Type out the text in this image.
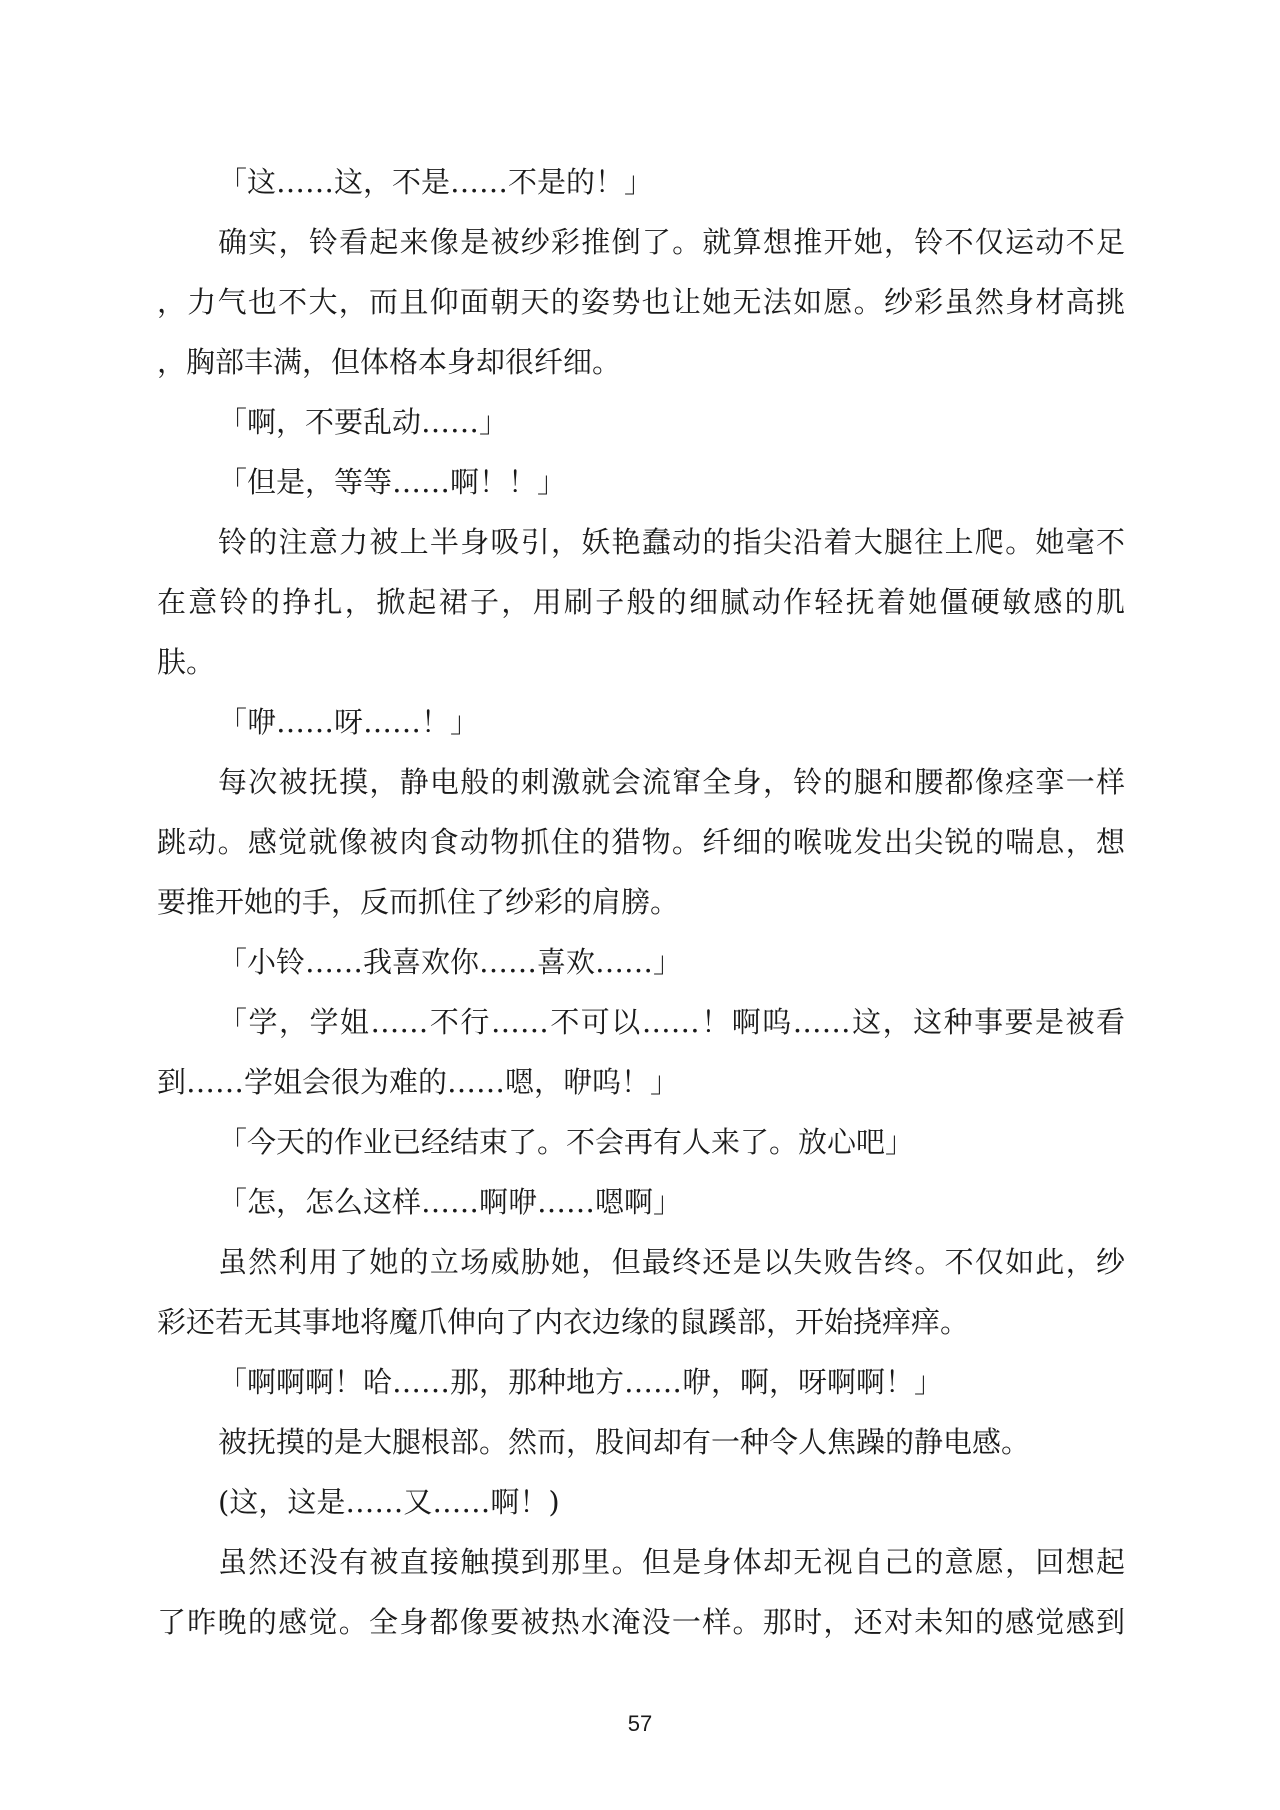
「这……这，不是……不是的！」
确实，铃看起来像是被纱彩推倒了。就算想推开她，铃不仅运动不足
，力气也不大，而且仰面朝天的姿势也让她无法如愿。纱彩虽然身材高挑
，胸部丰满，但体格本身却很纤细。
「啊，不要乱动……」
「但是，等等……啊！！」
铃的注意力被上半身吸引，妖艳蠢动的指尖沿着大腿往上爬。她毫不
在意铃的挣扎，掀起裙子，用刷子般的细腻动作轻抚着她僵硬敏感的肌
肤。
「咿……呀……！」
每次被抚摸，静电般的刺激就会流窜全身，铃的腿和腰都像痉挛一样
跳动。感觉就像被肉食动物抓住的猎物。纤细的喉咙发出尖锐的喘息，想
要推开她的手，反而抓住了纱彩的肩膀。
「小铃……我喜欢你……喜欢……」
「学，学姐……不行……不可以……！啊呜……这，这种事要是被看
到……学姐会很为难的……嗯，咿呜！」
「今天的作业已经结束了。不会再有人来了。放心吧」
「怎，怎么这样……啊咿……嗯啊」
虽然利用了她的立场威胁她，但最终还是以失败告终。不仅如此，纱
彩还若无其事地将魔爪伸向了内衣边缘的鼠蹊部，开始挠痒痒。
「啊啊啊！哈……那，那种地方……咿，啊，呀啊啊！」
被抚摸的是大腿根部。然而，股间却有一种令人焦躁的静电感。
(这，这是……又……啊！)
虽然还没有被直接触摸到那里。但是身体却无视自己的意愿，回想起
了昨晚的感觉。全身都像要被热水淹没一样。那时，还对未知的感觉感到
57
